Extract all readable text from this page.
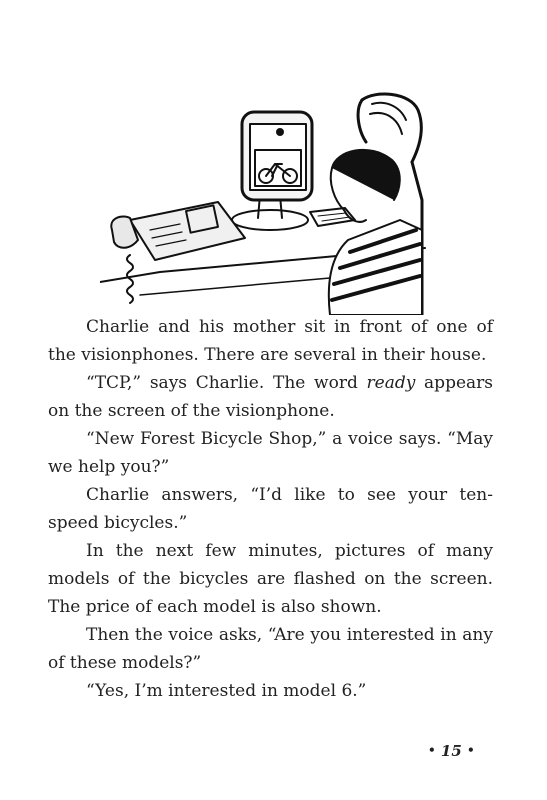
Charlie and his mother sit in front of one of the visionphones. There are several in their house.

“TCP,” says Charlie. The word ready appears on the screen of the visionphone.

“New Forest Bicycle Shop,” a voice says. “May we help you?”

Charlie answers, “I’d like to see your ten-speed bicycles.”

In the next few minutes, pictures of many models of the bicycles are flashed on the screen. The price of each model is also shown.

Then the voice asks, “Are you interested in any of these models?”

“Yes, I’m interested in model 6.”

• 15 •
